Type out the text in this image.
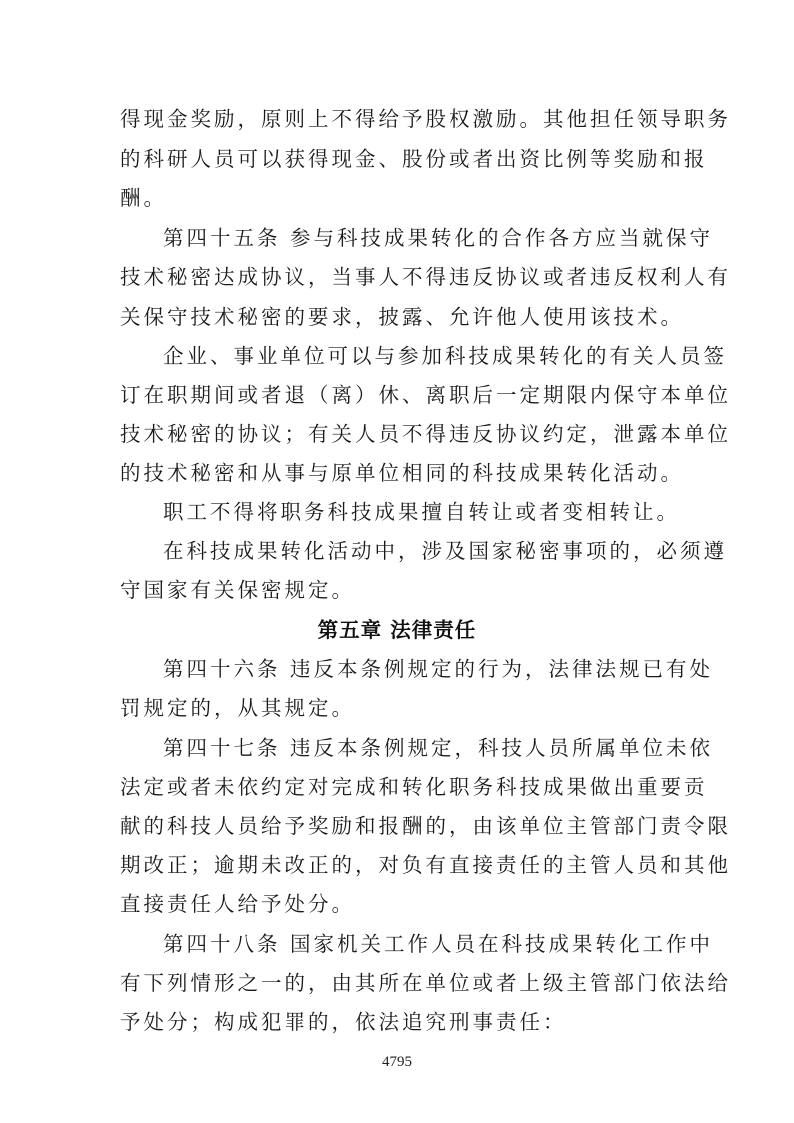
得现金奖励，原则上不得给予股权激励。其他担任领导职务
的科研人员可以获得现金、股份或者出资比例等奖励和报
酬。
第四十五条 参与科技成果转化的合作各方应当就保守
技术秘密达成协议，当事人不得违反协议或者违反权利人有
关保守技术秘密的要求，披露、允许他人使用该技术。
企业、事业单位可以与参加科技成果转化的有关人员签
订在职期间或者退（离）休、离职后一定期限内保守本单位
技术秘密的协议；有关人员不得违反协议约定，泄露本单位
的技术秘密和从事与原单位相同的科技成果转化活动。
职工不得将职务科技成果擅自转让或者变相转让。
在科技成果转化活动中，涉及国家秘密事项的，必须遵
守国家有关保密规定。
第五章 法律责任
第四十六条 违反本条例规定的行为，法律法规已有处
罚规定的，从其规定。
第四十七条 违反本条例规定，科技人员所属单位未依
法定或者未依约定对完成和转化职务科技成果做出重要贡
献的科技人员给予奖励和报酬的，由该单位主管部门责令限
期改正；逾期未改正的，对负有直接责任的主管人员和其他
直接责任人给予处分。
第四十八条 国家机关工作人员在科技成果转化工作中
有下列情形之一的，由其所在单位或者上级主管部门依法给
予处分；构成犯罪的，依法追究刑事责任：
4795
